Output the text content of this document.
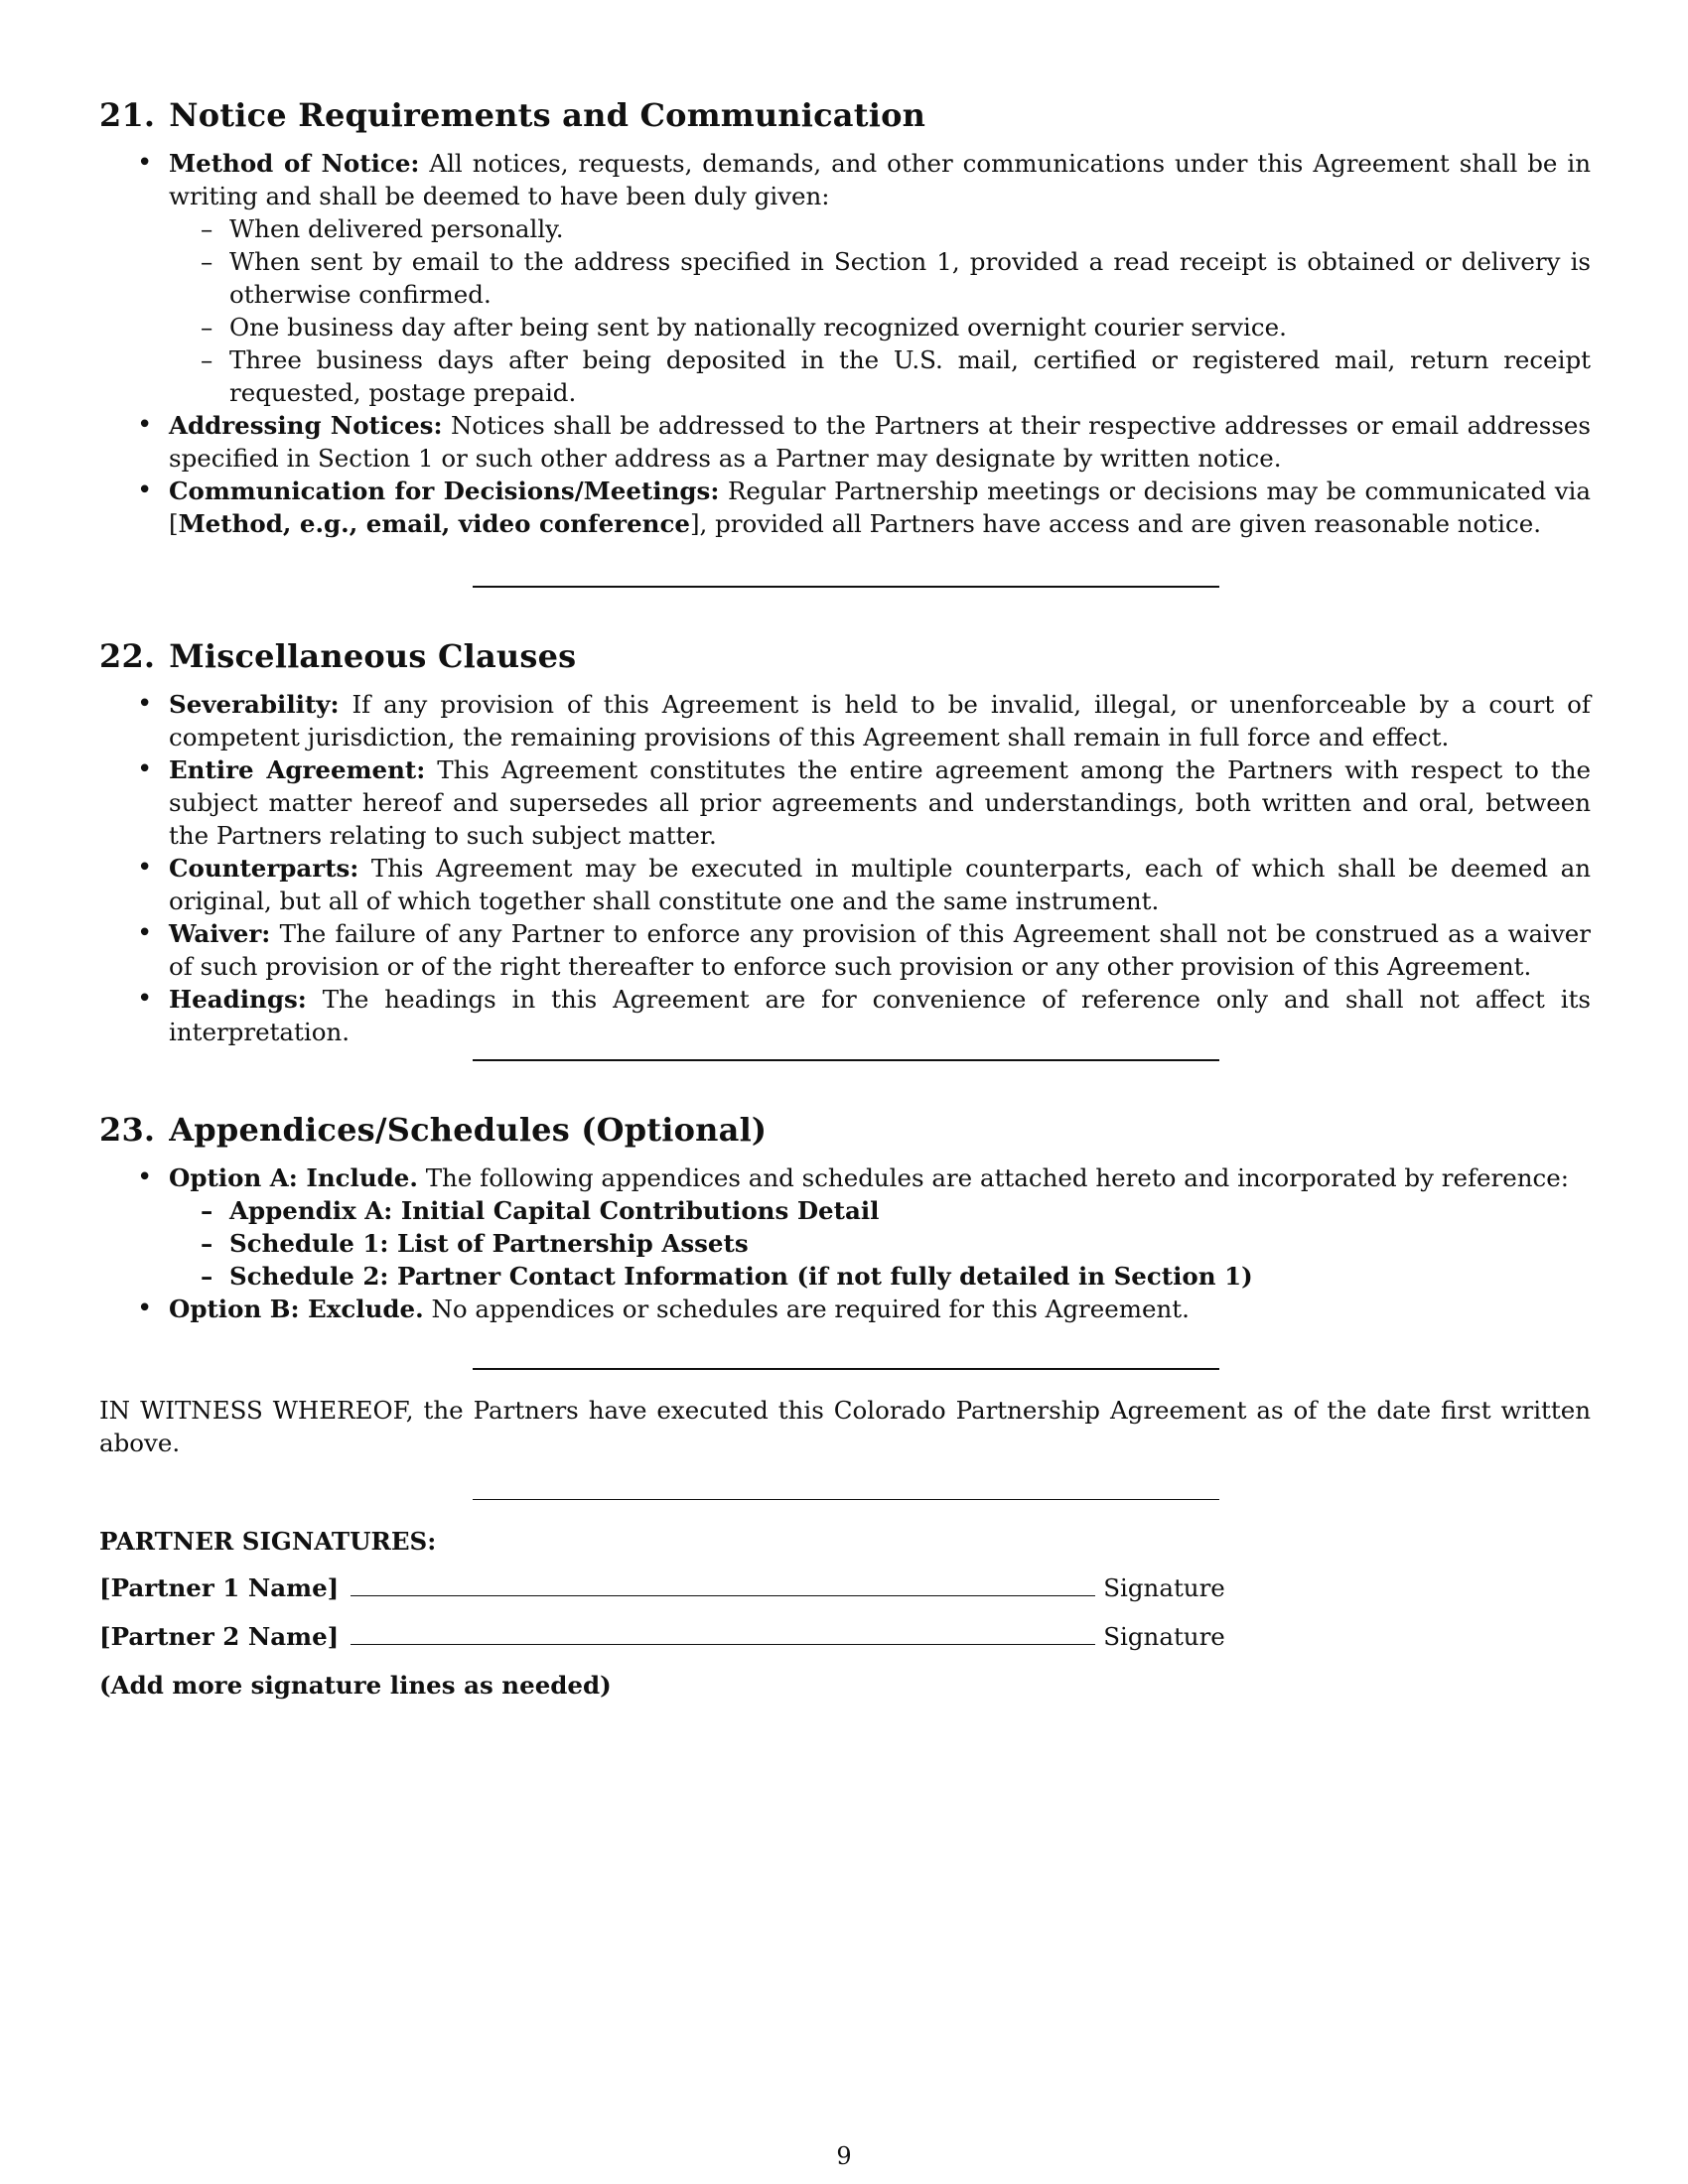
21. Notice Requirements and Communication
• Method of Notice: All notices, requests, demands, and other communications under this Agreement shall be in writing and shall be deemed to have been duly given:
– When delivered personally.
– When sent by email to the address specified in Section 1, provided a read receipt is obtained or delivery is otherwise confirmed.
– One business day after being sent by nationally recognized overnight courier service.
– Three business days after being deposited in the U.S. mail, certified or registered mail, return receipt requested, postage prepaid.
• Addressing Notices: Notices shall be addressed to the Partners at their respective addresses or email addresses specified in Section 1 or such other address as a Partner may designate by written notice.
• Communication for Decisions/Meetings: Regular Partnership meetings or decisions may be communicated via [Method, e.g., email, video conference], provided all Partners have access and are given reasonable notice.
22. Miscellaneous Clauses
• Severability: If any provision of this Agreement is held to be invalid, illegal, or unenforceable by a court of competent jurisdiction, the remaining provisions of this Agreement shall remain in full force and effect.
• Entire Agreement: This Agreement constitutes the entire agreement among the Partners with respect to the subject matter hereof and supersedes all prior agreements and understandings, both written and oral, between the Partners relating to such subject matter.
• Counterparts: This Agreement may be executed in multiple counterparts, each of which shall be deemed an original, but all of which together shall constitute one and the same instrument.
• Waiver: The failure of any Partner to enforce any provision of this Agreement shall not be construed as a waiver of such provision or of the right thereafter to enforce such provision or any other provision of this Agreement.
• Headings: The headings in this Agreement are for convenience of reference only and shall not affect its interpretation.
23. Appendices/Schedules (Optional)
• Option A: Include. The following appendices and schedules are attached hereto and incorporated by reference:
– Appendix A: Initial Capital Contributions Detail
– Schedule 1: List of Partnership Assets
– Schedule 2: Partner Contact Information (if not fully detailed in Section 1)
• Option B: Exclude. No appendices or schedules are required for this Agreement.
IN WITNESS WHEREOF, the Partners have executed this Colorado Partnership Agreement as of the date first written above.
PARTNER SIGNATURES:
[Partner 1 Name]	Signature
[Partner 2 Name]	Signature
(Add more signature lines as needed)
9
